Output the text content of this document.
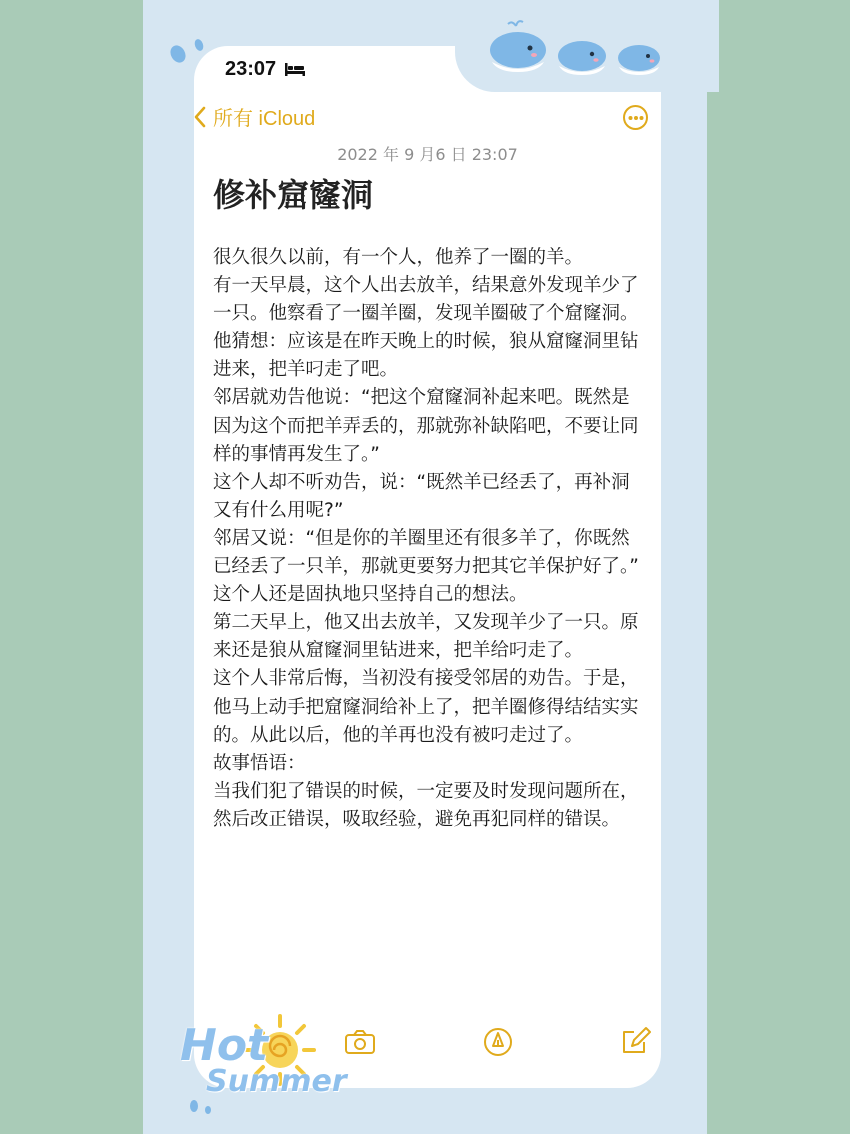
23:07
所有 iCloud
2022 年 9 月6 日 23:07
修补窟窿洞

很久很久以前，有一个人，他养了一圈的羊。

有一天早晨，这个人出去放羊，结果意外发现羊少了一只。他察看了一圈羊圈，发现羊圈破了个窟窿洞。他猜想：应该是在昨天晚上的时候，狼从窟窿洞里钻进来，把羊叼走了吧。

邻居就劝告他说：“把这个窟窿洞补起来吧。既然是因为这个而把羊弄丢的，那就弥补缺陷吧，不要让同样的事情再发生了。”

这个人却不听劝告，说：“既然羊已经丢了，再补洞又有什么用呢?”

邻居又说：“但是你的羊圈里还有很多羊了，你既然已经丢了一只羊，那就更要努力把其它羊保护好了。”

这个人还是固执地只坚持自己的想法。

第二天早上，他又出去放羊，又发现羊少了一只。原来还是狼从窟窿洞里钻进来，把羊给叼走了。

这个人非常后悔，当初没有接受邻居的劝告。于是，他马上动手把窟窿洞给补上了，把羊圈修得结结实实的。从此以后，他的羊再也没有被叼走过了。

故事悟语：

当我们犯了错误的时候，一定要及时发现问题所在，然后改正错误，吸取经验，避免再犯同样的错误。

Hot
Summer
